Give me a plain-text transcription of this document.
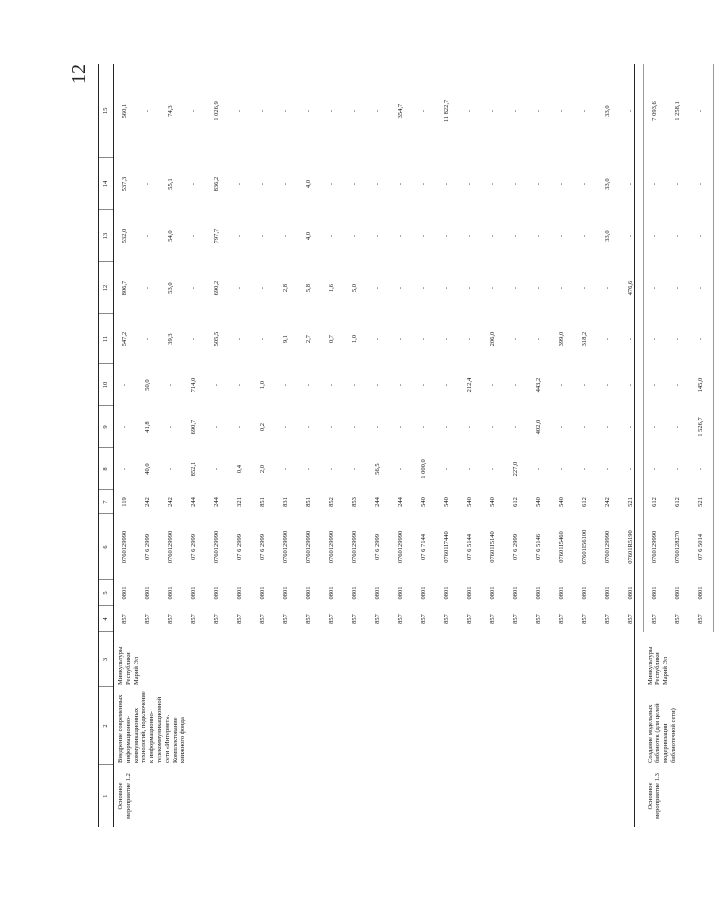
12
1	2	3	4	5	6	7	8	9	10	11	12	13	14	15
Основное мероприятие 1.2	Внедрение современных информационно-коммуникационных технологий, подключение к информационно-телекоммуникационной сети «Интернет». Комплектование книжного фонда	Минкультуры Республики Марий Эл	857	0801	0760129990	119	-	-	-	547,2	806,7	532,0	537,3	560,1
			857	0801	07 6 2999	242	40,0	41,8	50,0	-	-	-	-	-
			857	0801	0760129990	242	-	-	-	39,3	53,0	54,0	55,1	74,3
			857	0801	07 6 2999	244	852,1	690,7	714,0	-	-	-	-	-
			857	0801	0760129990	244	-	-	-	505,5	690,2	797,7	836,2	1 026,9
			857	0801	07 6 2999	321	0,4	-	-	-	-	-	-	-
			857	0801	07 6 2999	851	2,0	0,2	1,0	-	-	-	-	-
			857	0801	0760129990	831	-	-	-	9,1	2,8	-	-	-
			857	0801	0760129990	851	-	-	-	2,7	5,8	4,0	4,0	-
			857	0801	0760129990	852	-	-	-	0,7	1,6	-	-	-
			857	0801	0760129990	853	-	-	-	1,0	5,0	-	-	-
			857	0801	07 6 2999	244	56,5	-	-	-	-	-	-	-
			857	0801	0760129990	244	-	-	-	-	-	-	-	354,7
			857	0801	07 6 7144	540	1 000,0	-	-	-	-	-	-	-
			857	0801	07601I7440	540	-	-	-	-	-	-	-	11 822,7
			857	0801	07 6 5144	540	-	-	212,4	-	-	-	-	-
			857	0801	07601I5140	540	-	-	-	206,0	-	-	-	-
			857	0801	07 6 2999	612	227,0	-	-	-	-	-	-	-
			857	0801	07 6 5146	540	-	402,0	443,2	-	-	-	-	-
			857	0801	07601I5460	540	-	-	-	399,0	-	-	-	-
			857	0801	07601I56100	612	-	-	-	318,2	-	-	-	-
			857	0801	0760129990	242	-	-	-	-	-	33,0	33,0	33,0
			857	0801	07601R5190	521	-	-	-	-	476,6	-	-	-
Основное мероприятие 1.3	Создание модельных библиотек (для целей модернизации библиотечной сети)	Минкультуры Республики Марий Эл	857	0801	0760129990	612	-	-	-	-	-	-	-	7 093,6
			857	0801	0760128270	612	-	-	-	-	-	-	-	1 258,1
			857	0801	07 6 5014	521	-	1 526,7	145,0	-	-	-	-	-
